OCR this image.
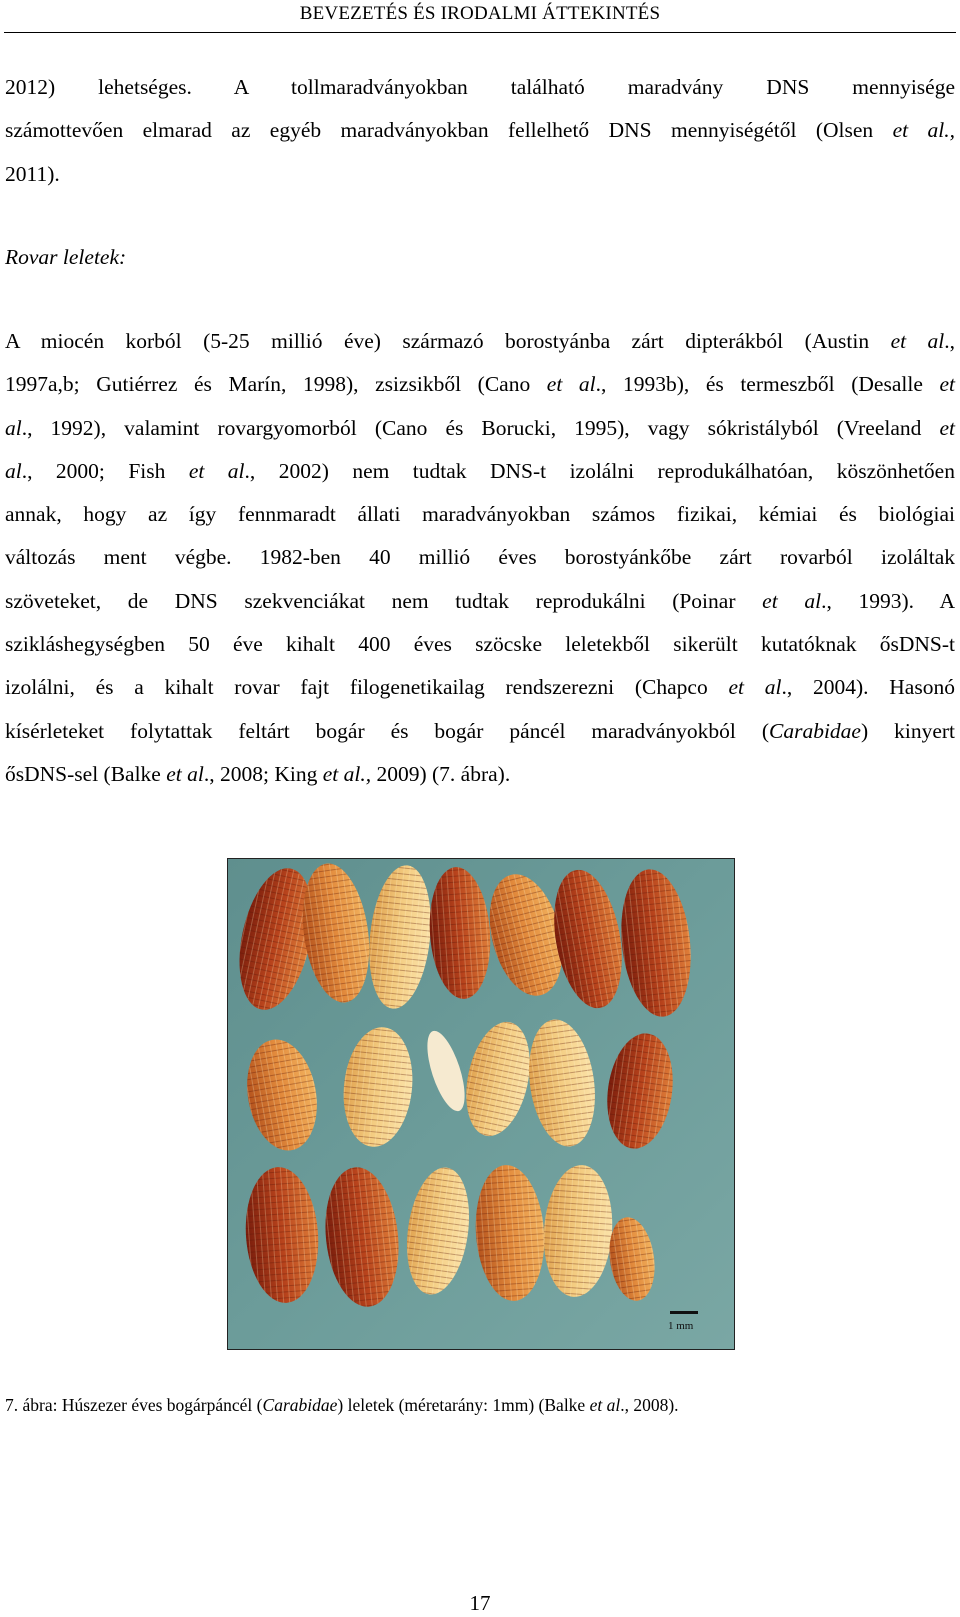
BEVEZETÉS ÉS IRODALMI ÁTTEKINTÉS
2012) lehetséges. A tollmaradványokban található maradvány DNS mennyisége
számottevően elmarad az egyéb maradványokban fellelhető DNS mennyiségétől (Olsen et al.,
2011).
Rovar leletek:
A miocén korból (5-25 millió éve) származó borostyánba zárt dipterákból (Austin et al.,
1997a,b; Gutiérrez és Marín, 1998), zsizsikből (Cano et al., 1993b), és termeszből (Desalle et
al., 1992), valamint rovargyomorból (Cano és Borucki, 1995), vagy sókristályból (Vreeland et
al., 2000; Fish et al., 2002) nem tudtak DNS-t izolálni reprodukálhatóan, köszönhetően
annak, hogy az így fennmaradt állati maradványokban számos fizikai, kémiai és biológiai
változás ment végbe. 1982-ben 40 millió éves borostyánkőbe zárt rovarból izoláltak
szöveteket, de DNS szekvenciákat nem tudtak reprodukálni (Poinar et al., 1993). A
szikláshegységben 50 éve kihalt 400 éves szöcske leletekből sikerült kutatóknak ősDNS-t
izolálni, és a kihalt rovar fajt filogenetikailag rendszerezni (Chapco et al., 2004). Hasonó
kísérleteket folytattak feltárt bogár és bogár páncél maradványokból (Carabidae) kinyert
ősDNS-sel (Balke et al., 2008; King et al., 2009) (7. ábra).
1 mm
7. ábra: Húszezer éves bogárpáncél (Carabidae) leletek (méretarány: 1mm) (Balke et al., 2008).
17
